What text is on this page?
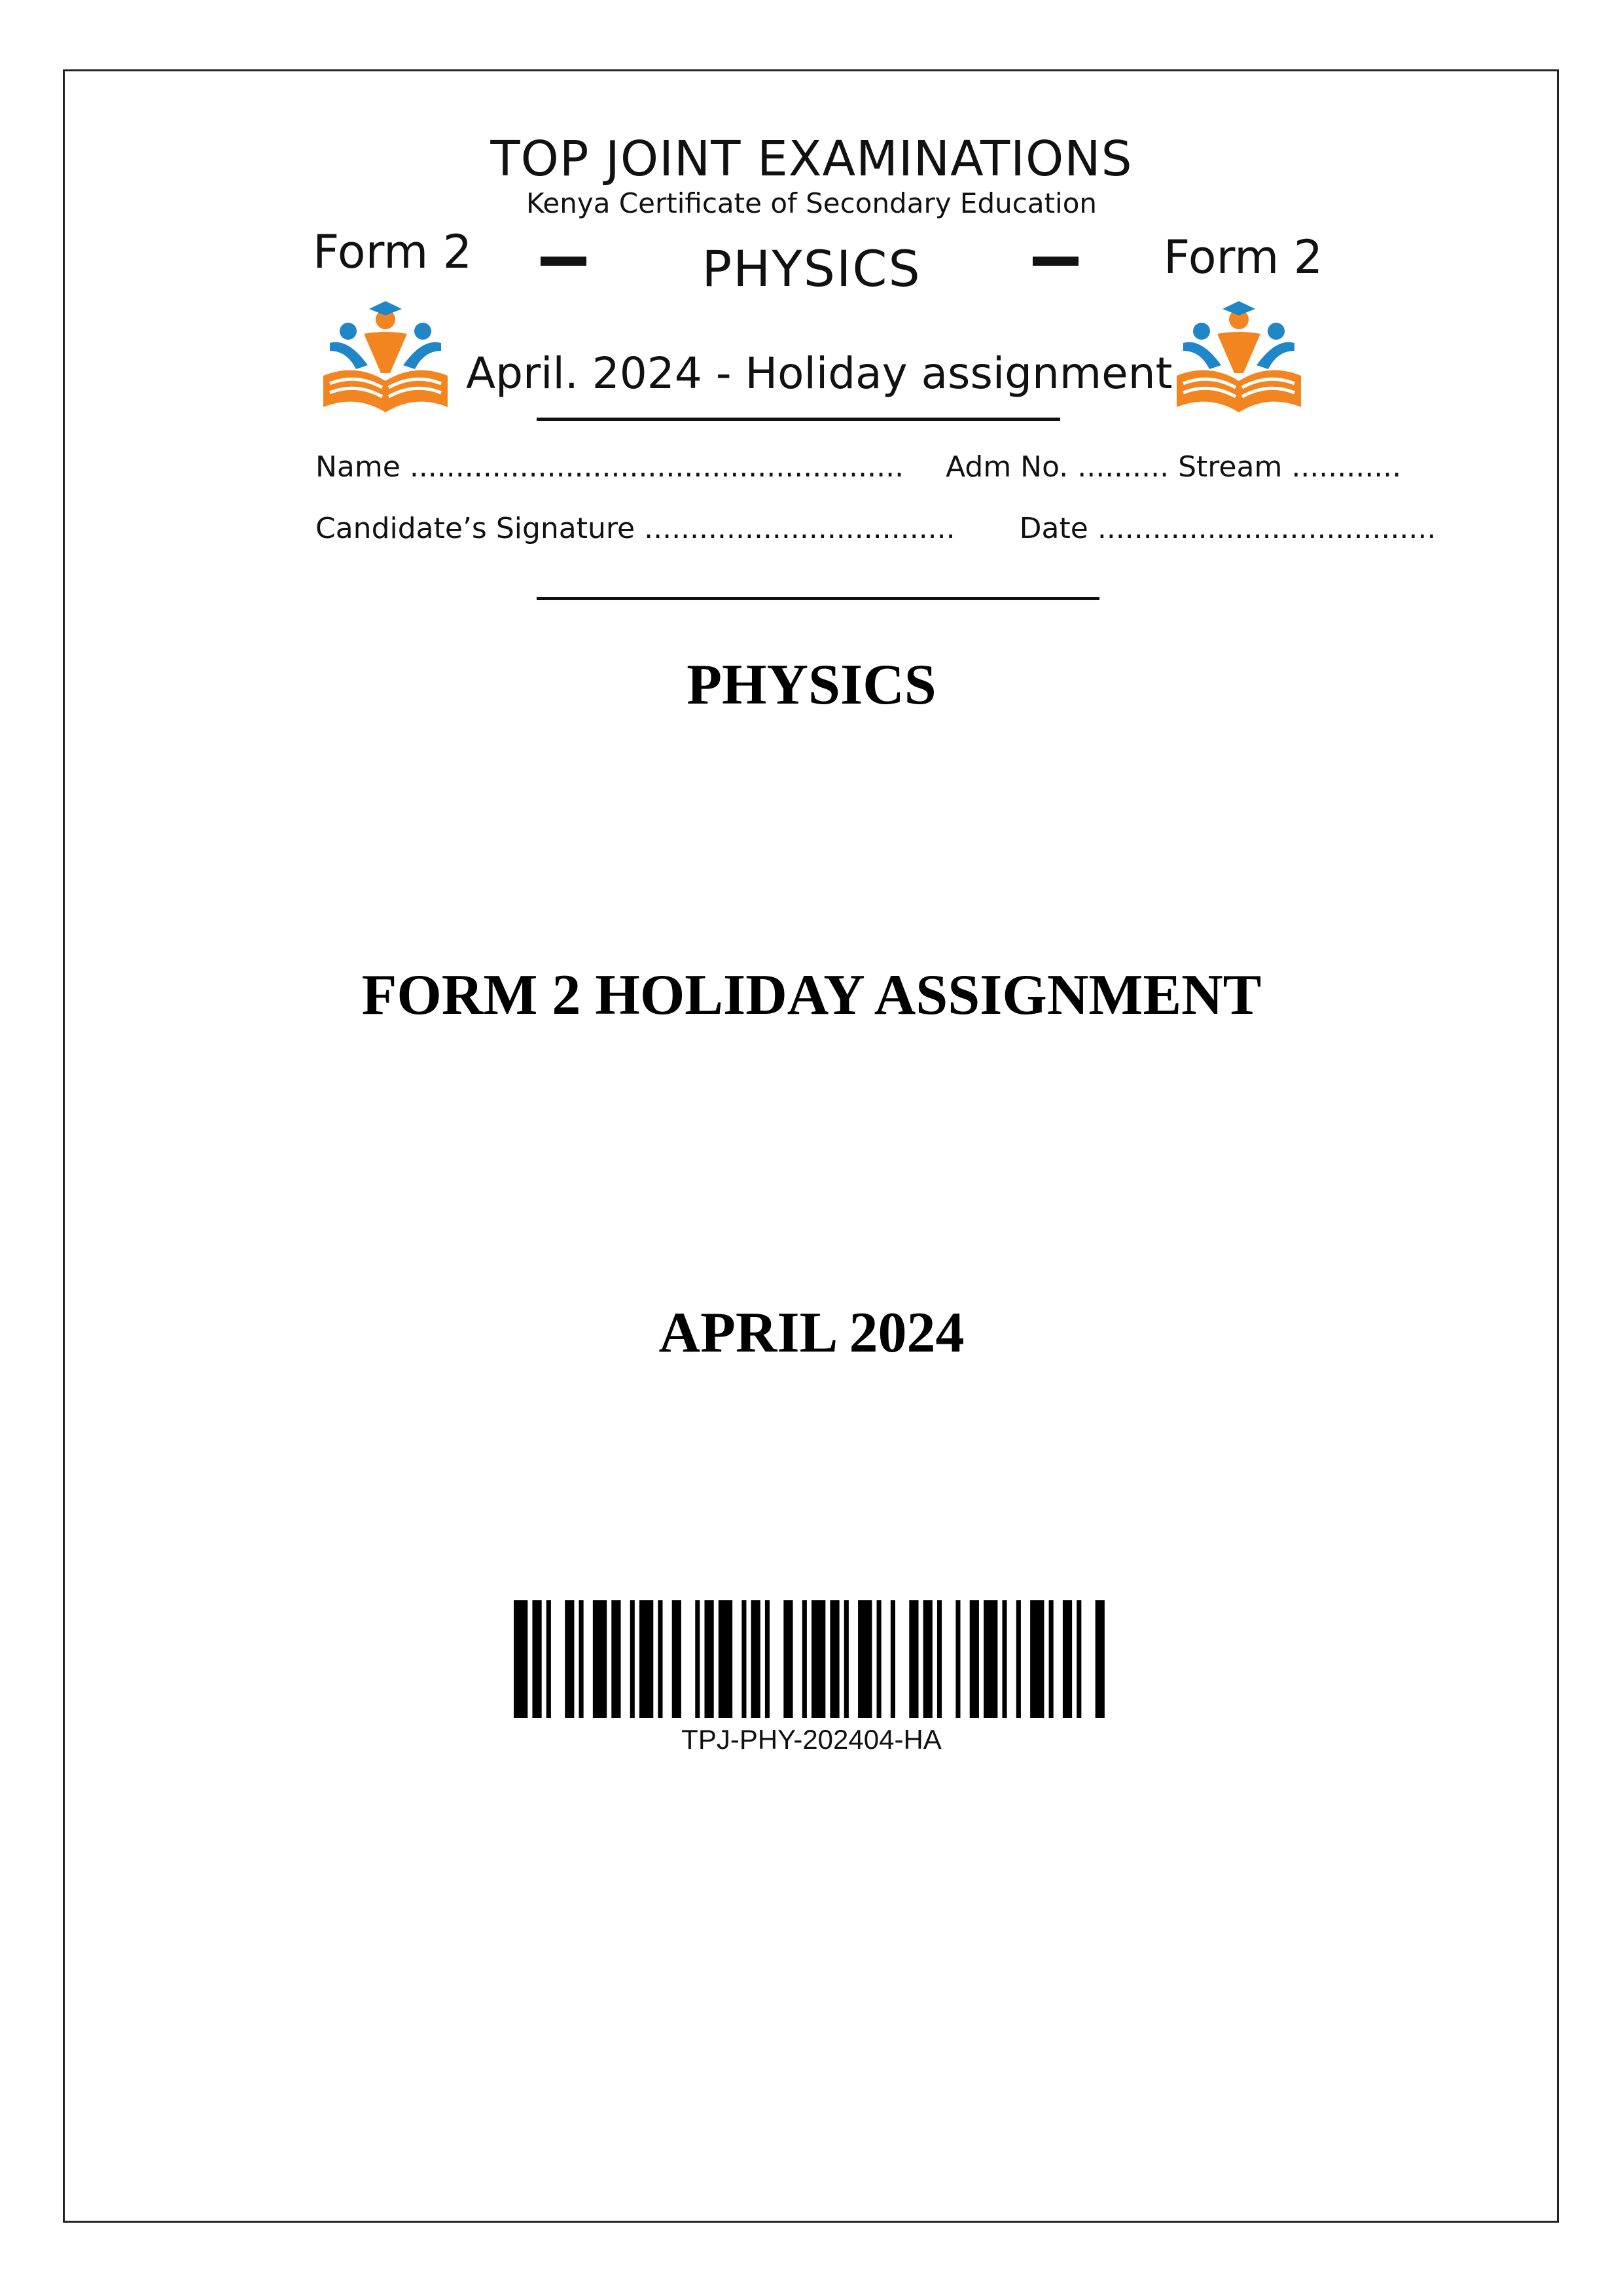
TOP JOINT EXAMINATIONS
Kenya Certificate of Secondary Education
Form 2	PHYSICS	Form 2
April. 2024 - Holiday assignment
Name ...................................................... Adm No. .......... Stream ............
Candidate’s Signature .................................. Date .....................................
PHYSICS
FORM 2 HOLIDAY ASSIGNMENT
APRIL 2024
TPJ-PHY-202404-HA
